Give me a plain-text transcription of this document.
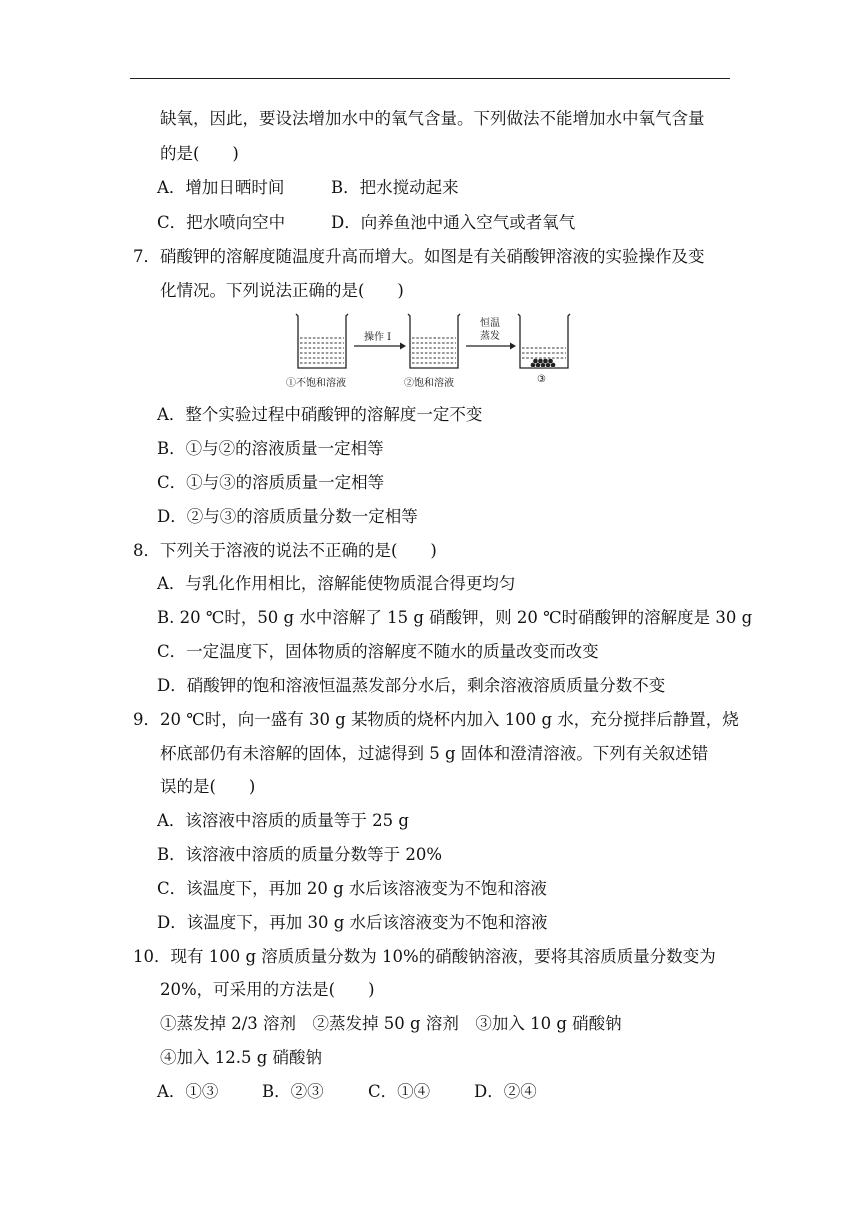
缺氧，因此，要设法增加水中的氧气含量。下列做法不能增加水中氧气含量
的是(　　)
A．增加日晒时间	B．把水搅动起来
C．把水喷向空中	D．向养鱼池中通入空气或者氧气
7．硝酸钾的溶解度随温度升高而增大。如图是有关硝酸钾溶液的实验操作及变
化情况。下列说法正确的是(　　)
①不饱和溶液	②饱和溶液	③
操作 I
恒温
蒸发
A．整个实验过程中硝酸钾的溶解度一定不变
B．①与②的溶液质量一定相等
C．①与③的溶质质量一定相等
D．②与③的溶质质量分数一定相等
8．下列关于溶液的说法不正确的是(　　)
A．与乳化作用相比，溶解能使物质混合得更均匀
B. 20 ℃时，50 g 水中溶解了 15 g 硝酸钾，则 20 ℃时硝酸钾的溶解度是 30 g
C．一定温度下，固体物质的溶解度不随水的质量改变而改变
D．硝酸钾的饱和溶液恒温蒸发部分水后，剩余溶液溶质质量分数不变
9．20 ℃时，向一盛有 30 g 某物质的烧杯内加入 100 g 水，充分搅拌后静置，烧
杯底部仍有未溶解的固体，过滤得到 5 g 固体和澄清溶液。下列有关叙述错
误的是(　　)
A．该溶液中溶质的质量等于 25 g
B．该溶液中溶质的质量分数等于 20%
C．该温度下，再加 20 g 水后该溶液变为不饱和溶液
D．该温度下，再加 30 g 水后该溶液变为不饱和溶液
10．现有 100 g 溶质质量分数为 10%的硝酸钠溶液，要将其溶质质量分数变为
20%，可采用的方法是(　　)
①蒸发掉 2/3 溶剂　②蒸发掉 50 g 溶剂　③加入 10 g 硝酸钠
④加入 12.5 g 硝酸钠
A．①③	B．②③	C．①④	D．②④
